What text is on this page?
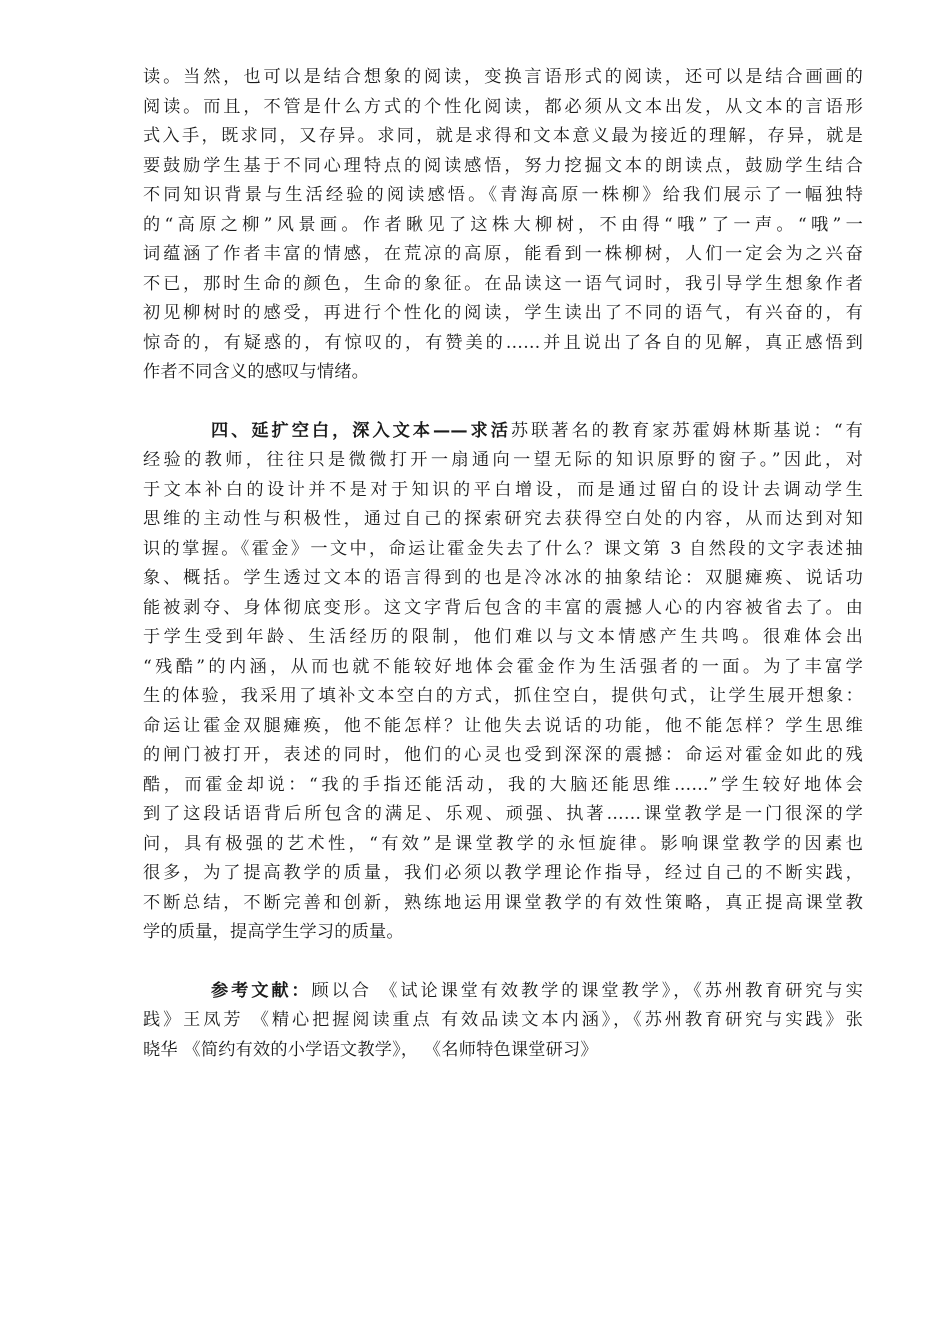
读。当然，也可以是结合想象的阅读，变换言语形式的阅读，还可以是结合画画的
阅读。而且，不管是什么方式的个性化阅读，都必须从文本出发，从文本的言语形
式入手，既求同，又存异。求同，就是求得和文本意义最为接近的理解，存异，就是
要鼓励学生基于不同心理特点的阅读感悟，努力挖掘文本的朗读点，鼓励学生结合
不同知识背景与生活经验的阅读感悟。《青海高原一株柳》给我们展示了一幅独特
的“高原之柳”风景画。作者瞅见了这株大柳树，不由得“哦”了一声。“哦”一
词蕴涵了作者丰富的情感，在荒凉的高原，能看到一株柳树，人们一定会为之兴奋
不已，那时生命的颜色，生命的象征。在品读这一语气词时，我引导学生想象作者
初见柳树时的感受，再进行个性化的阅读，学生读出了不同的语气，有兴奋的，有
惊奇的，有疑惑的，有惊叹的，有赞美的……并且说出了各自的见解，真正感悟到
作者不同含义的感叹与情绪。
四、延扩空白，深入文本——求活苏联著名的教育家苏霍姆林斯基说：“有
经验的教师，往往只是微微打开一扇通向一望无际的知识原野的窗子。”因此，对
于文本补白的设计并不是对于知识的平白增设，而是通过留白的设计去调动学生
思维的主动性与积极性，通过自己的探索研究去获得空白处的内容，从而达到对知
识的掌握。《霍金》一文中，命运让霍金失去了什么？课文第 3 自然段的文字表述抽
象、概括。学生透过文本的语言得到的也是冷冰冰的抽象结论：双腿瘫痪、说话功
能被剥夺、身体彻底变形。这文字背后包含的丰富的震撼人心的内容被省去了。由
于学生受到年龄、生活经历的限制，他们难以与文本情感产生共鸣。很难体会出
“残酷”的内涵，从而也就不能较好地体会霍金作为生活强者的一面。为了丰富学
生的体验，我采用了填补文本空白的方式，抓住空白，提供句式，让学生展开想象：
命运让霍金双腿瘫痪，他不能怎样？让他失去说话的功能，他不能怎样？学生思维
的闸门被打开，表述的同时，他们的心灵也受到深深的震撼：命运对霍金如此的残
酷，而霍金却说：“我的手指还能活动，我的大脑还能思维……”学生较好地体会
到了这段话语背后所包含的满足、乐观、顽强、执著……课堂教学是一门很深的学
问，具有极强的艺术性，“有效”是课堂教学的永恒旋律。影响课堂教学的因素也
很多，为了提高教学的质量，我们必须以教学理论作指导，经过自己的不断实践，
不断总结，不断完善和创新，熟练地运用课堂教学的有效性策略，真正提高课堂教
学的质量，提高学生学习的质量。
参考文献：顾以合 《试论课堂有效教学的课堂教学》，《苏州教育研究与实
践》王凤芳 《精心把握阅读重点 有效品读文本内涵》，《苏州教育研究与实践》张
晓华 《简约有效的小学语文教学》， 《名师特色课堂研习》
